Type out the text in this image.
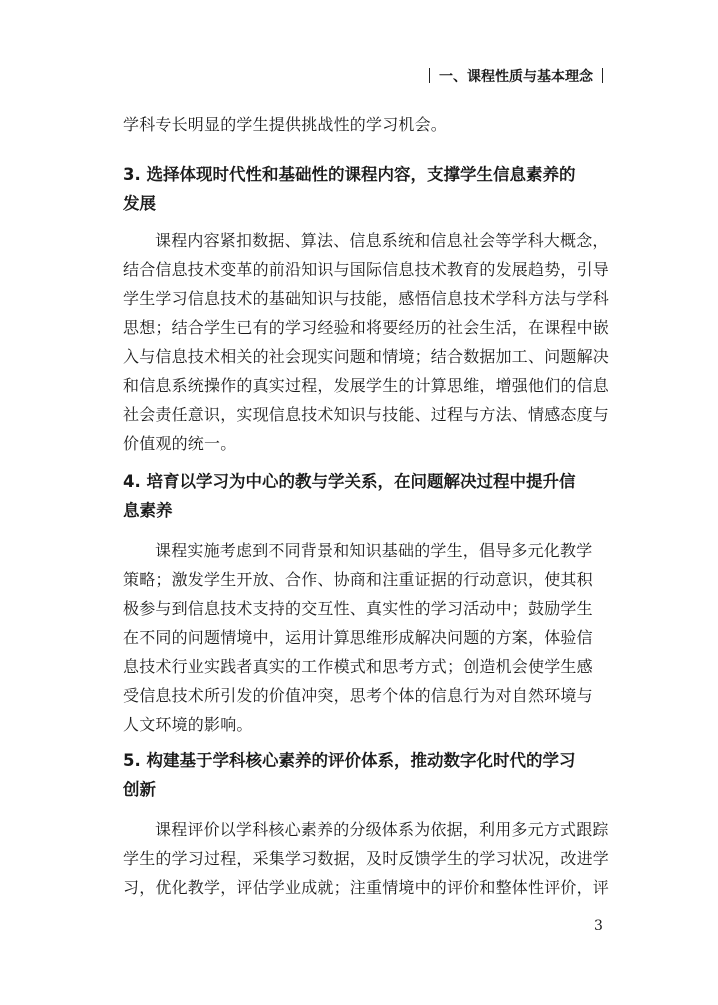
一、课程性质与基本理念
学科专长明显的学生提供挑战性的学习机会。
3. 选择体现时代性和基础性的课程内容，支撑学生信息素养的
发展
课程内容紧扣数据、算法、信息系统和信息社会等学科大概念，
结合信息技术变革的前沿知识与国际信息技术教育的发展趋势，引导
学生学习信息技术的基础知识与技能，感悟信息技术学科方法与学科
思想；结合学生已有的学习经验和将要经历的社会生活，在课程中嵌
入与信息技术相关的社会现实问题和情境；结合数据加工、问题解决
和信息系统操作的真实过程，发展学生的计算思维，增强他们的信息
社会责任意识，实现信息技术知识与技能、过程与方法、情感态度与
价值观的统一。
4. 培育以学习为中心的教与学关系，在问题解决过程中提升信
息素养
课程实施考虑到不同背景和知识基础的学生，倡导多元化教学
策略；激发学生开放、合作、协商和注重证据的行动意识，使其积
极参与到信息技术支持的交互性、真实性的学习活动中；鼓励学生
在不同的问题情境中，运用计算思维形成解决问题的方案，体验信
息技术行业实践者真实的工作模式和思考方式；创造机会使学生感
受信息技术所引发的价值冲突，思考个体的信息行为对自然环境与
人文环境的影响。
5. 构建基于学科核心素养的评价体系，推动数字化时代的学习
创新
课程评价以学科核心素养的分级体系为依据，利用多元方式跟踪
学生的学习过程，采集学习数据，及时反馈学生的学习状况，改进学
习，优化教学，评估学业成就；注重情境中的评价和整体性评价，评
3
